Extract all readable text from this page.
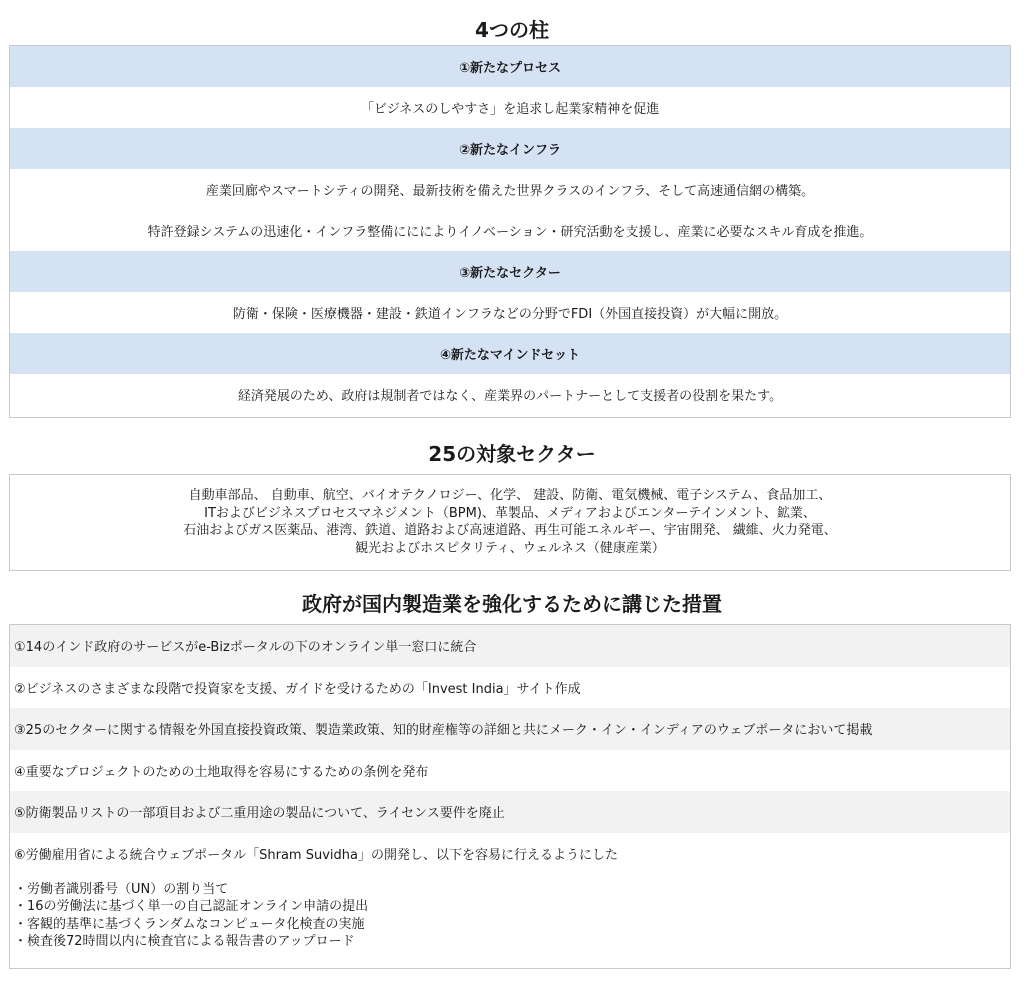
4つの柱
①新たなプロセス
「ビジネスのしやすさ」を追求し起業家精神を促進
②新たなインフラ
産業回廊やスマートシティの開発、最新技術を備えた世界クラスのインフラ、そして高速通信網の構築。
特許登録システムの迅速化・インフラ整備ににによりイノベーション・研究活動を支援し、産業に必要なスキル育成を推進。
③新たなセクター
防衛・保険・医療機器・建設・鉄道インフラなどの分野でFDI（外国直接投資）が大幅に開放。
④新たなマインドセット
経済発展のため、政府は規制者ではなく、産業界のパートナーとして支援者の役割を果たす。
25の対象セクター
自動車部品、 自動車、航空、バイオテクノロジー、化学、 建設、防衛、電気機械、電子システム、食品加工、
ITおよびビジネスプロセスマネジメント（BPM)、革製品、メディアおよびエンターテインメント、鉱業、
石油およびガス医薬品、港湾、鉄道、道路および高速道路、再生可能エネルギー、宇宙開発、 繊維、火力発電、
観光およびホスピタリティ、ウェルネス（健康産業）
政府が国内製造業を強化するために講じた措置
①14のインド政府のサービスがe-Bizポータルの下のオンライン単一窓口に統合
②ビジネスのさまざまな段階で投資家を支援、ガイドを受けるための「Invest India」サイト作成
③25のセクターに関する情報を外国直接投資政策、製造業政策、知的財産権等の詳細と共にメーク・イン・インディアのウェブポータにおいて掲載
④重要なプロジェクトのための土地取得を容易にするための条例を発布
⑤防衛製品リストの一部項目および二重用途の製品について、ライセンス要件を廃止
⑥労働雇用省による統合ウェブポータル「Shram Suvidha」の開発し、以下を容易に行えるようにした
・労働者識別番号（UN）の割り当て
・16の労働法に基づく単一の自己認証オンライン申請の提出
・客観的基準に基づくランダムなコンピュータ化検査の実施
・検査後72時間以内に検査官による報告書のアップロード
